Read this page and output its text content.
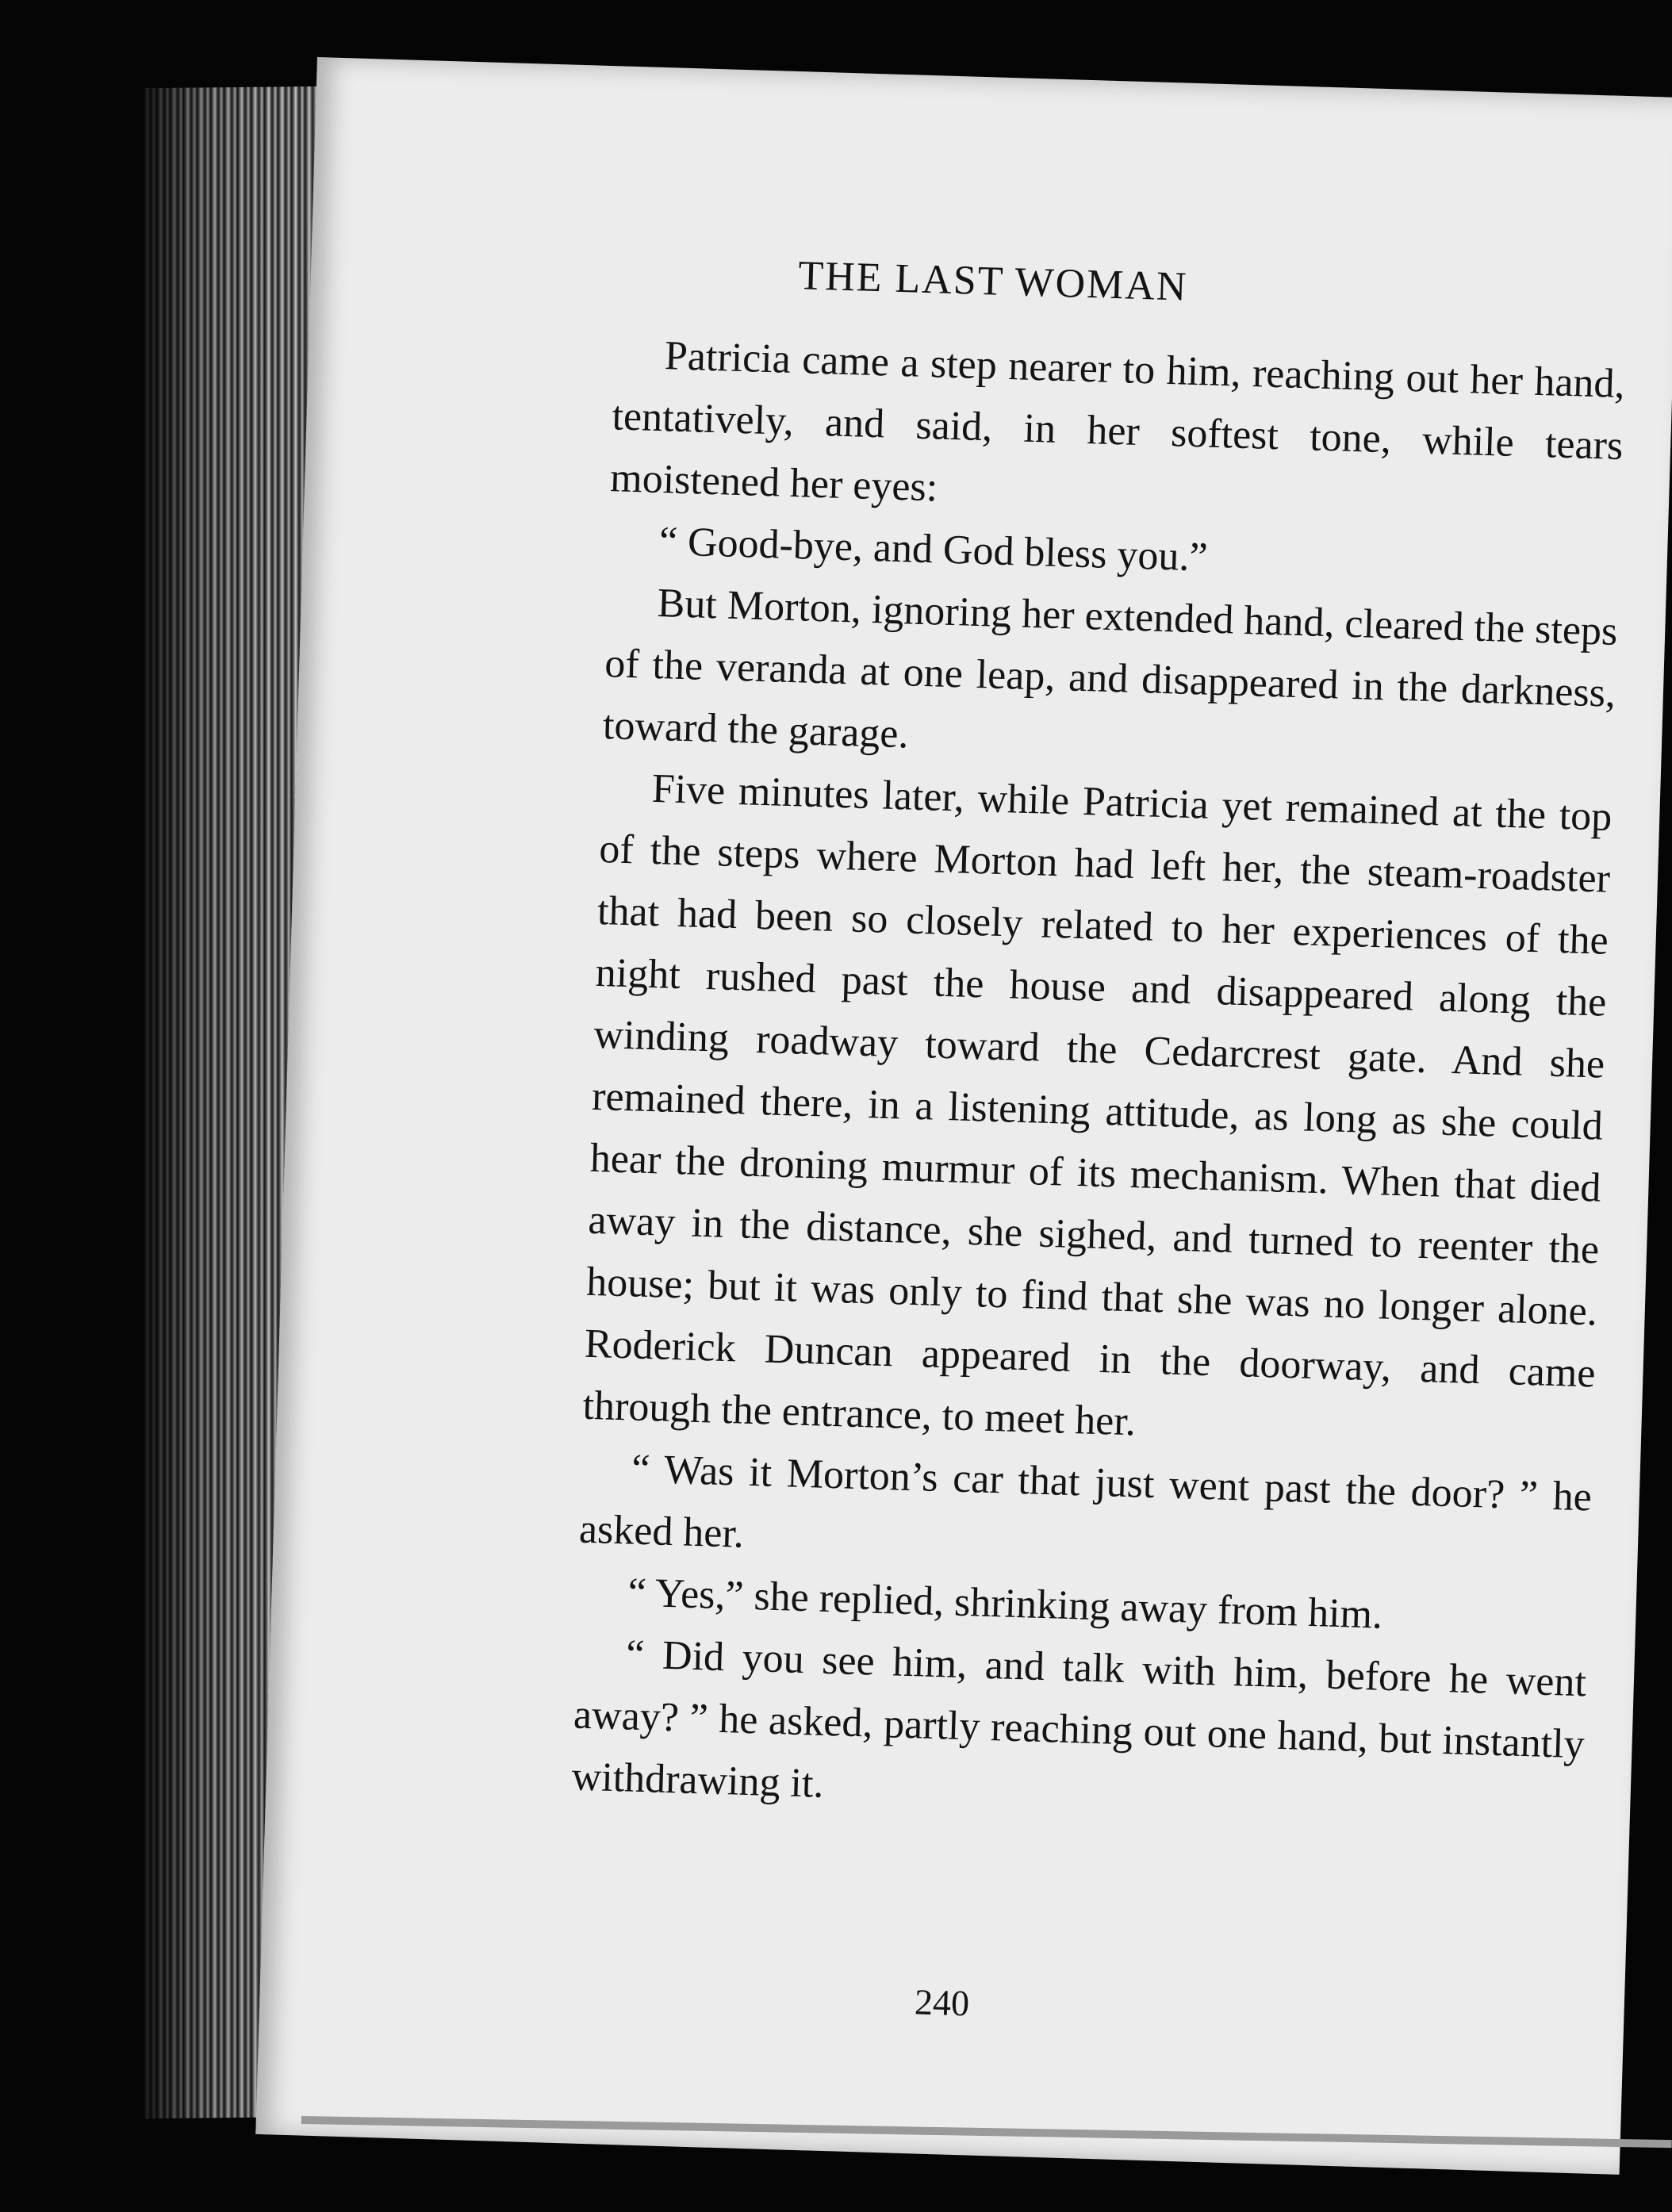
THE LAST WOMAN

Patricia came a step nearer to him, reaching out her hand, tentatively, and said, in her softest tone, while tears moistened her eyes:

“ Good-bye, and God bless you.”

But Morton, ignoring her extended hand, cleared the steps of the veranda at one leap, and disappeared in the darkness, toward the garage.

Five minutes later, while Patricia yet remained at the top of the steps where Morton had left her, the steam-roadster that had been so closely related to her experiences of the night rushed past the house and disappeared along the winding roadway toward the Cedarcrest gate. And she remained there, in a listening attitude, as long as she could hear the droning murmur of its mechanism. When that died away in the distance, she sighed, and turned to reenter the house; but it was only to find that she was no longer alone. Roderick Duncan appeared in the doorway, and came through the entrance, to meet her.

“ Was it Morton’s car that just went past the door? ” he asked her.

“ Yes,” she replied, shrinking away from him.

“ Did you see him, and talk with him, before he went away? ” he asked, partly reaching out one hand, but instantly withdrawing it.

240
